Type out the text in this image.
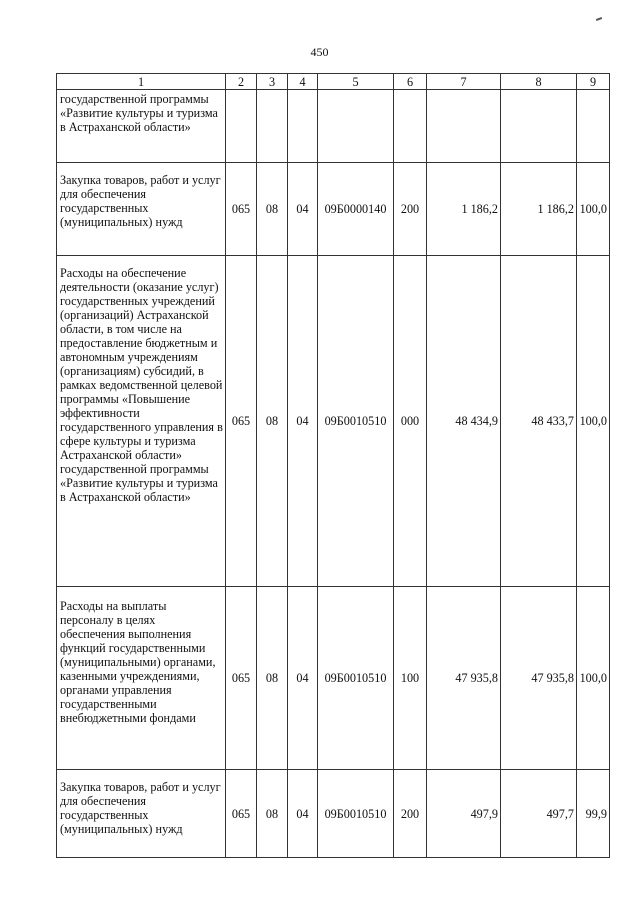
450
1	2	3	4	5	6	7	8	9
государственной программы «Развитие культуры и туризма в Астраханской области»								
Закупка товаров, работ и услуг для обеспечения государственных (муниципальных) нужд	065	08	04	09Б0000140	200	1 186,2	1 186,2	100,0
Расходы на обеспечение деятельности (оказание услуг) государственных учреждений (организаций) Астраханской области, в том числе на предоставление бюджетным и автономным учреждениям (организациям) субсидий, в рамках ведомственной целевой программы «Повышение эффективности государственного управления в сфере культуры и туризма Астраханской области» государственной программы «Развитие культуры и туризма в Астраханской области»	065	08	04	09Б0010510	000	48 434,9	48 433,7	100,0
Расходы на выплаты персоналу в целях обеспечения выполнения функций государственными (муниципальными) органами, казенными учреждениями, органами управления государственными внебюджетными фондами	065	08	04	09Б0010510	100	47 935,8	47 935,8	100,0
Закупка товаров, работ и услуг для обеспечения государственных (муниципальных) нужд	065	08	04	09Б0010510	200	497,9	497,7	99,9
